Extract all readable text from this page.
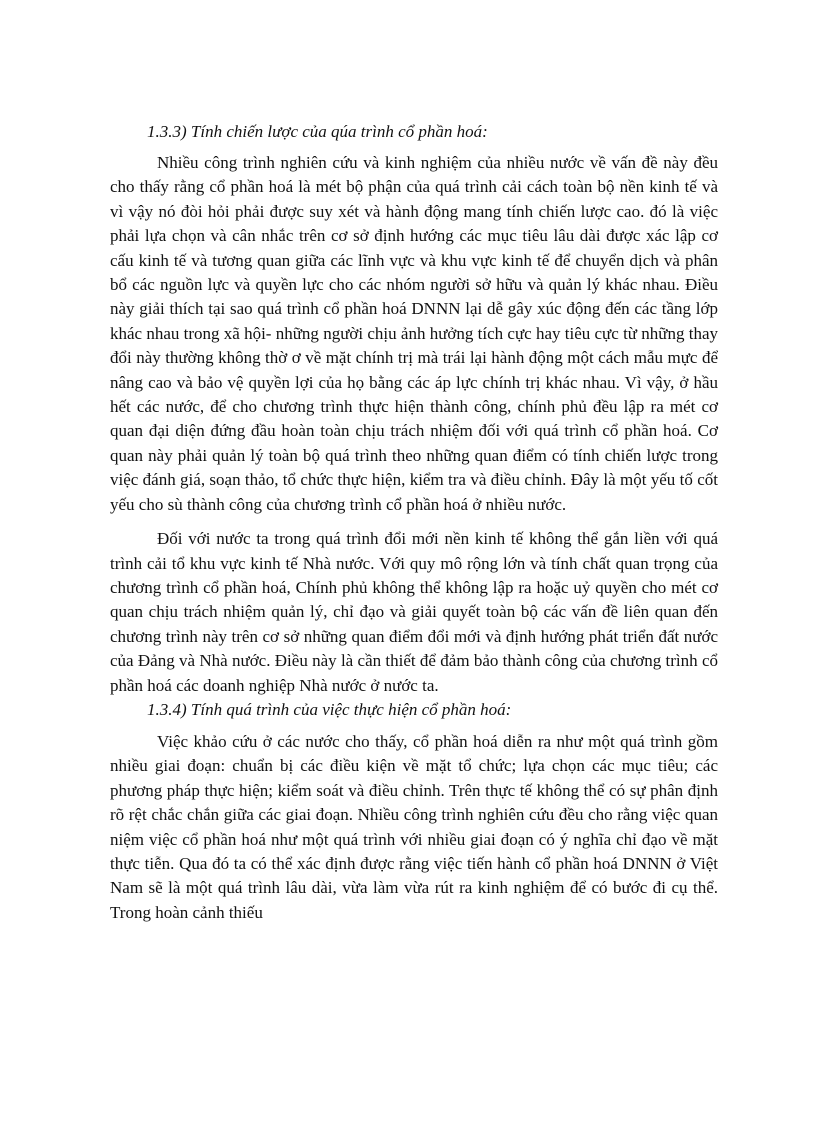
1.3.3) Tính chiến lược của qúa trình cổ phần hoá:

Nhiều công trình nghiên cứu và kinh nghiệm của nhiều nước về vấn đề này đều cho thấy rằng cổ phần hoá là mét bộ phận của quá trình cải cách toàn bộ nền kinh tế và vì vậy nó đòi hỏi phải được suy xét và hành động mang tính chiến lược cao. đó là việc phải lựa chọn và cân nhắc trên cơ sở định hướng các mục tiêu lâu dài được xác lập cơ cấu kinh tế và tương quan giữa các lĩnh vực và khu vực kinh tế để chuyển dịch và phân bổ các nguồn lực và quyền lực cho các nhóm người sở hữu và quản lý khác nhau. Điều này giải thích tại sao quá trình cổ phần hoá DNNN lại dễ gây xúc động đến các tầng lớp khác nhau trong xã hội- những người chịu ảnh hưởng tích cực hay tiêu cực từ những thay đổi này thường không thờ ơ về mặt chính trị mà trái lại hành động một cách mẫu mực để nâng cao và bảo vệ quyền lợi của họ bằng các áp lực chính trị khác nhau. Vì vậy, ở hầu hết các nước, để cho chương trình thực hiện thành công, chính phủ đều lập ra mét cơ quan đại diện đứng đầu hoàn toàn chịu trách nhiệm đối với quá trình cổ phần hoá. Cơ quan này phải quản lý toàn bộ quá trình theo những quan điểm có tính chiến lược trong việc đánh giá, soạn thảo, tổ chức thực hiện, kiểm tra và điều chỉnh. Đây là một yếu tố cốt yếu cho sù thành công của chương trình cổ phần hoá ở nhiều nước.

Đối với nước ta trong quá trình đổi mới nền kinh tế không thể gắn liền với quá trình cải tổ khu vực kinh tế Nhà nước. Với quy mô rộng lớn và tính chất quan trọng của chương trình cổ phần hoá, Chính phủ không thể không lập ra hoặc uỷ quyền cho mét cơ quan chịu trách nhiệm quản lý, chỉ đạo và giải quyết toàn bộ các vấn đề liên quan đến chương trình này trên cơ sở những quan điểm đổi mới và định hướng phát triển đất nước của Đảng và Nhà nước. Điều này là cần thiết để đảm bảo thành công của chương trình cổ phần hoá các doanh nghiệp Nhà nước ở nước ta.

1.3.4) Tính quá trình của việc thực hiện cổ phần hoá:

Việc khảo cứu ở các nước cho thấy, cổ phần hoá diễn ra như một quá trình gồm nhiều giai đoạn: chuẩn bị các điều kiện về mặt tổ chức; lựa chọn các mục tiêu; các phương pháp thực hiện; kiểm soát và điều chỉnh. Trên thực tế không thể có sự phân định rõ rệt chắc chắn giữa các giai đoạn. Nhiều công trình nghiên cứu đều cho rằng việc quan niệm việc cổ phần hoá như một quá trình với nhiều giai đoạn có ý nghĩa chỉ đạo về mặt thực tiễn. Qua đó ta có thể xác định được rằng việc tiến hành cổ phần hoá DNNN ở Việt Nam sẽ là một quá trình lâu dài, vừa làm vừa rút ra kinh nghiệm để có bước đi cụ thể. Trong hoàn cảnh thiếu
